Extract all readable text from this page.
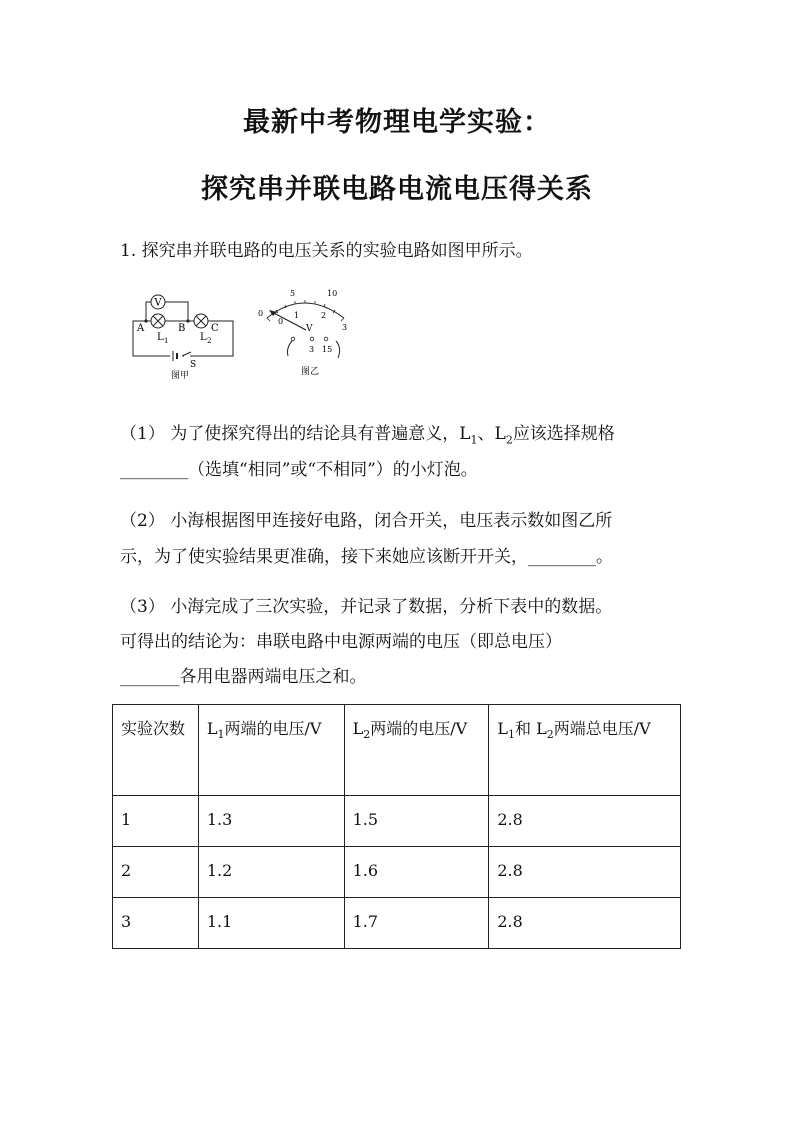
最新中考物理电学实验：
探究串并联电路电流电压得关系
1. 探究串并联电路的电压关系的实验电路如图甲所示。
V
A	B	C
L 1	L 2
S
图甲
5	10
0
0
1	2
3
V
3 15
图乙
（1） 为了使探究得出的结论具有普遍意义，$L_1$、$L_2$应该选择规格
________（选填“相同”或“不相同”）的小灯泡。
（2） 小海根据图甲连接好电路，闭合开关，电压表示数如图乙所
示，为了使实验结果更准确，接下来她应该断开开关，________。
（3） 小海完成了三次实验，并记录了数据，分析下表中的数据。
可得出的结论为：串联电路中电源两端的电压（即总电压）
_______各用电器两端电压之和。
实验次数	$L_1$两端的电压/V	$L_2$两端的电压/V	$L_1$和 $L_2$两端总电压/V
1	1.3	1.5	2.8
2	1.2	1.6	2.8
3	1.1	1.7	2.8
